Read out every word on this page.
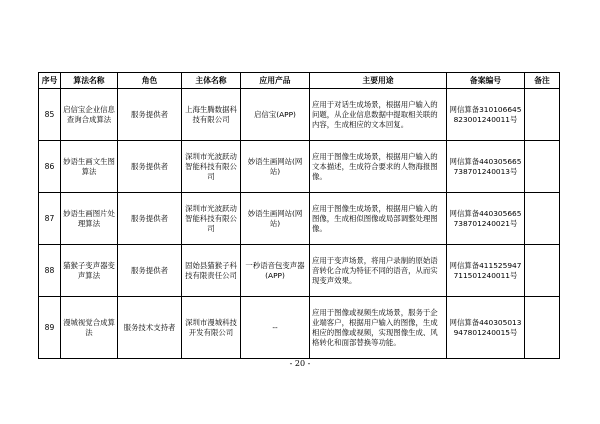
序号	算法名称	角色	主体名称	应用产品	主要用途	备案编号	备注
85	启信宝企业信息查询合成算法	服务提供者	上海生腾数据科技有限公司	启信宝(APP)	应用于对话生成场景，根据用户输入的问题，从企业信息数据中提取相关联的内容，生成相应的文本回复。	网信算备310106645823001240011号	
86	妙语生画文生图算法	服务提供者	深圳市光波跃动智能科技有限公司	妙语生画网站(网站)	应用于图像生成场景，根据用户输入的文本描述，生成符合要求的人物海报图像。	网信算备440305665738701240013号	
87	妙语生画图片处理算法	服务提供者	深圳市光波跃动智能科技有限公司	妙语生画网站(网站)	应用于图像生成场景，根据用户输入的图像，生成相似图像或局部调整处理图像。	网信算备440305665738701240021号	
88	猫猴子变声器变声算法	服务提供者	固始县猫猴子科技有限责任公司	一秒语音包变声器(APP)	应用于变声场景，将用户录制的原始语音转化合成为特征不同的语音，从而实现变声效果。	网信算备411525947711501240011号	
89	漫城视觉合成算法	服务技术支持者	深圳市漫城科技开发有限公司	--	应用于图像或视频生成场景，服务于企业端客户，根据用户输入的图像，生成相应的图像或视频，实现图像生成、风格转化和面部替换等功能。	网信算备440305013947801240015号	
- 20 -
